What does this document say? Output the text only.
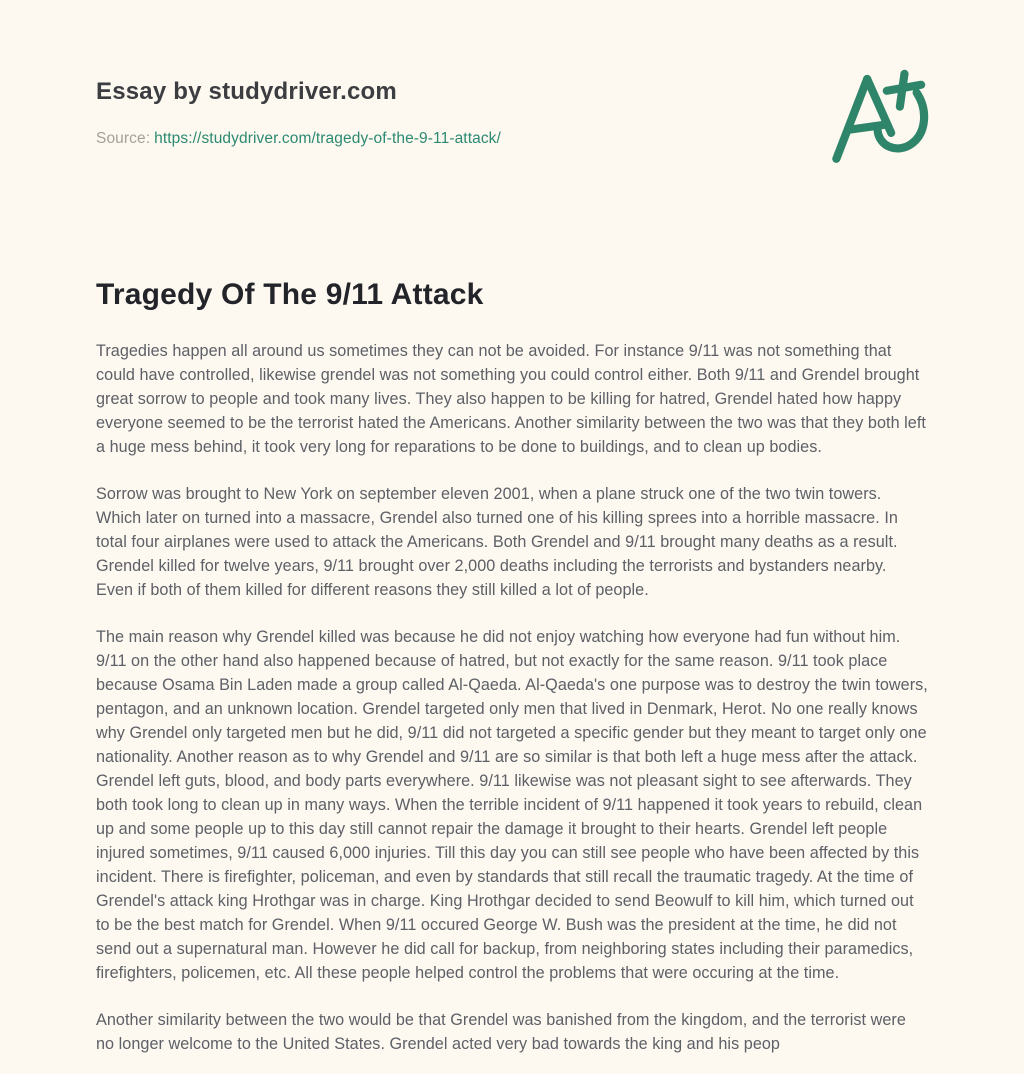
Essay by studydriver.com
Source: https://studydriver.com/tragedy-of-the-9-11-attack/
Tragedy Of The 9/11 Attack

Tragedies happen all around us sometimes they can not be avoided. For instance 9/11 was not something that could have controlled, likewise grendel was not something you could control either. Both 9/11 and Grendel brought great sorrow to people and took many lives. They also happen to be killing for hatred, Grendel hated how happy everyone seemed to be the terrorist hated the Americans. Another similarity between the two was that they both left a huge mess behind, it took very long for reparations to be done to buildings, and to clean up bodies.

Sorrow was brought to New York on september eleven 2001, when a plane struck one of the two twin towers. Which later on turned into a massacre, Grendel also turned one of his killing sprees into a horrible massacre. In total four airplanes were used to attack the Americans. Both Grendel and 9/11 brought many deaths as a result. Grendel killed for twelve years, 9/11 brought over 2,000 deaths including the terrorists and bystanders nearby. Even if both of them killed for different reasons they still killed a lot of people.

The main reason why Grendel killed was because he did not enjoy watching how everyone had fun without him. 9/11 on the other hand also happened because of hatred, but not exactly for the same reason. 9/11 took place because Osama Bin Laden made a group called Al-Qaeda. Al-Qaeda's one purpose was to destroy the twin towers, pentagon, and an unknown location. Grendel targeted only men that lived in Denmark, Herot. No one really knows why Grendel only targeted men but he did, 9/11 did not targeted a specific gender but they meant to target only one nationality. Another reason as to why Grendel and 9/11 are so similar is that both left a huge mess after the attack. Grendel left guts, blood, and body parts everywhere. 9/11 likewise was not pleasant sight to see afterwards. They both took long to clean up in many ways. When the terrible incident of 9/11 happened it took years to rebuild, clean up and some people up to this day still cannot repair the damage it brought to their hearts. Grendel left people injured sometimes, 9/11 caused 6,000 injuries. Till this day you can still see people who have been affected by this incident. There is firefighter, policeman, and even by standards that still recall the traumatic tragedy. At the time of Grendel's attack king Hrothgar was in charge. King Hrothgar decided to send Beowulf to kill him, which turned out to be the best match for Grendel. When 9/11 occured George W. Bush was the president at the time, he did not send out a supernatural man. However he did call for backup, from neighboring states including their paramedics, firefighters, policemen, etc. All these people helped control the problems that were occuring at the time.

Another similarity between the two would be that Grendel was banished from the kingdom, and the terrorist were no longer welcome to the United States. Grendel acted very bad towards the king and his peop
